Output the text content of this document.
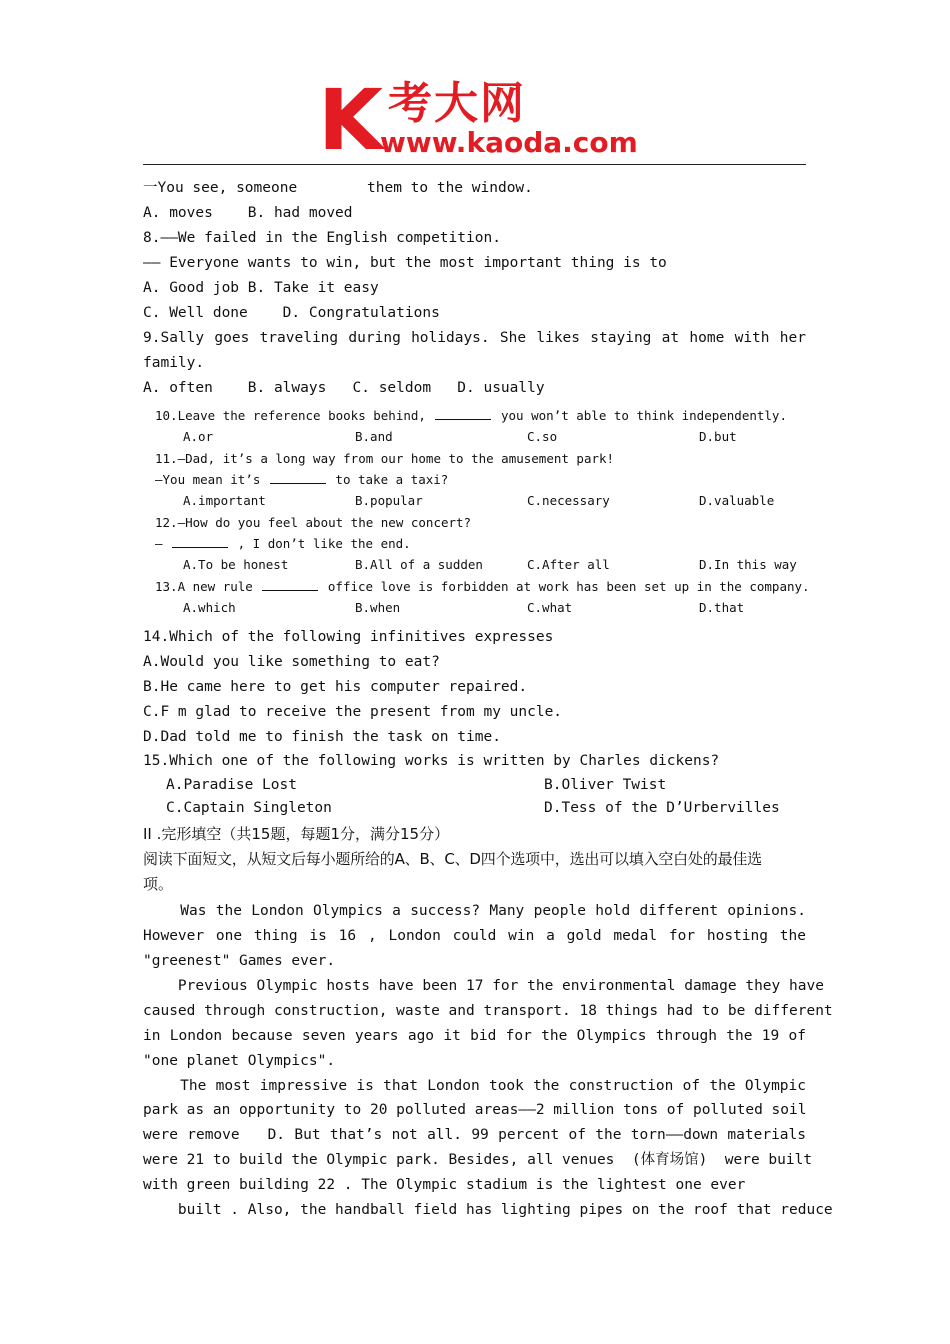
K 考大网
www.kaoda.com
一You see, someone        them to the window.
A. moves    B. had moved
8.——We failed in the English competition.
—— Everyone wants to win, but the most important thing is to
A. Good job B. Take it easy
C. Well done    D. Congratulations
9.Sally goes traveling during holidays. She likes staying at home with her
family.
A. often    B. always   C. seldom   D. usually
10.Leave the reference books behind,	you won’t able to think independently.
A.or	B.and	C.so	D.but
11.—Dad, it’s a long way from our home to the amusement park!
—You mean it’s	to take a taxi?
A.important	B.popular	C.necessary	D.valuable
12.—How do you feel about the new concert?
—	, I don’t like the end.
A.To be honest	B.All of a sudden	C.After all	D.In this way
13.A new rule	office love is forbidden at work has been set up in the company.
A.which	B.when	C.what	D.that
14.Which of the following infinitives expresses
A.Would you like something to eat?
B.He came here to get his computer repaired.
C.F m glad to receive the present from my uncle.
D.Dad told me to finish the task on time.
15.Which one of the following works is written by Charles dickens?
A.Paradise Lost	B.Oliver Twist
C.Captain Singleton	D.Tess of the D’Urbervilles
II .完形填空（共15题，每题1分，满分15分）
阅读下面短文，从短文后每小题所给的A、B、C、D四个选项中，选出可以填入空白处的最佳选
项。
Was the London Olympics a success? Many people hold different opinions.
However one thing is 16 , London could win a gold medal for hosting the
"greenest" Games ever.
Previous Olympic hosts have been 17 for the environmental damage they have
caused through construction, waste and transport. 18 things had to be different
in London because seven years ago it bid for the Olympics through the 19 of
"one planet Olympics".
The most impressive is that London took the construction of the Olympic
park as an opportunity to 20 polluted areas——2 million tons of polluted soil
were remove   D. But that’s not all. 99 percent of the torn——down materials
were 21 to build the Olympic park. Besides, all venues  (体育场馆)  were built
with green building 22 . The Olympic stadium is the lightest one ever
built . Also, the handball field has lighting pipes on the roof that reduce
